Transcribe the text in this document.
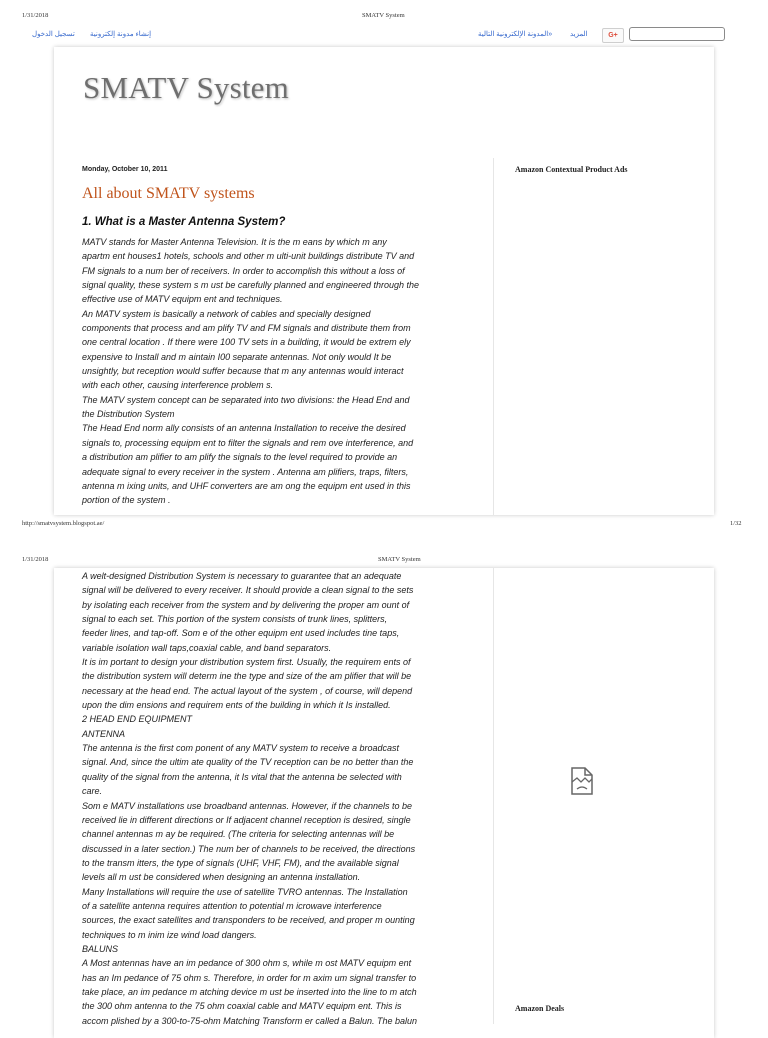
1/31/2018	SMATV System
تسجيل الدخول إنشاء مدونة إلكترونية	المدونة الإلكترونية التالية»	المزيد	G+
SMATV System
Monday, October 10, 2011
All about SMATV systems
1. What is a Master Antenna System?

MATV stands for Master Antenna Television. It is the m eans by which m any
apartm ent houses1 hotels, schools and other m ulti-unit buildings distribute TV and
FM signals to a num ber of receivers. In order to accomplish this without a loss of
signal quality, these system s m ust be carefully planned and engineered through the
effective use of MATV equipm ent and techniques.
An MATV system is basically a network of cables and specially designed
components that process and am plify TV and FM signals and distribute them from
one central location . If there were 100 TV sets in a building, it would be extrem ely
expensive to Install and m aintain I00 separate antennas. Not only would It be
unsightly, but reception would suffer because that m any antennas would interact
with each other, causing interference problem s.
The MATV system concept can be separated into two divisions: the Head End and
the Distribution System
The Head End norm ally consists of an antenna Installation to receive the desired
signals to, processing equipm ent to filter the signals and rem ove interference, and
a distribution am plifier to am plify the signals to the level required to provide an
adequate signal to every receiver in the system . Antenna am plifiers, traps, filters,
antenna m ixing units, and UHF converters are am ong the equipm ent used in this
portion of the system .

Amazon Contextual Product Ads
http://smatvsystem.blogspot.ae/	1/32
1/31/2018	SMATV System

A welt-designed Distribution System is necessary to guarantee that an adequate
signal will be delivered to every receiver. It should provide a clean signal to the sets
by isolating each receiver from the system and by delivering the proper am ount of
signal to each set. This portion of the system consists of trunk lines, splitters,
feeder lines, and tap-off. Som e of the other equipm ent used includes tine taps,
variable isolation wall taps,coaxial cable, and band separators.
It is im portant to design your distribution system first. Usually, the requirem ents of
the distribution system will determ ine the type and size of the am plifier that will be
necessary at the head end. The actual layout of the system , of course, will depend
upon the dim ensions and requirem ents of the building in which it Is installed.
2 HEAD END EQUIPMENT
ANTENNA
The antenna is the first com ponent of any MATV system to receive a broadcast
signal. And, since the ultim ate quality of the TV reception can be no better than the
quality of the signal from the antenna, it Is vital that the antenna be selected with
care.
Som e MATV installations use broadband antennas. However, if the channels to be
received lie in different directions or If adjacent channel reception is desired, single
channel antennas m ay be required. (The criteria for selecting antennas will be
discussed in a later section.) The num ber of channels to be received, the directions
to the transm itters, the type of signals (UHF, VHF, FM), and the available signal
levels all m ust be considered when designing an antenna installation.
Many Installations will require the use of satellite TVRO antennas. The Installation
of a satellite antenna requires attention to potential m icrowave interference
sources, the exact satellites and transponders to be received, and proper m ounting
techniques to m inim ize wind load dangers.
BALUNS
A Most antennas have an im pedance of 300 ohm s, while m ost MATV equipm ent
has an Im pedance of 75 ohm s. Therefore, in order for m axim um signal transfer to
take place, an im pedance m atching device m ust be inserted into the line to m atch
the 300 ohm antenna to the 75 ohm coaxial cable and MATV equipm ent. This is
accom plished by a 300-to-75-ohm Matching Transform er called a Balun. The balun

Amazon Deals
